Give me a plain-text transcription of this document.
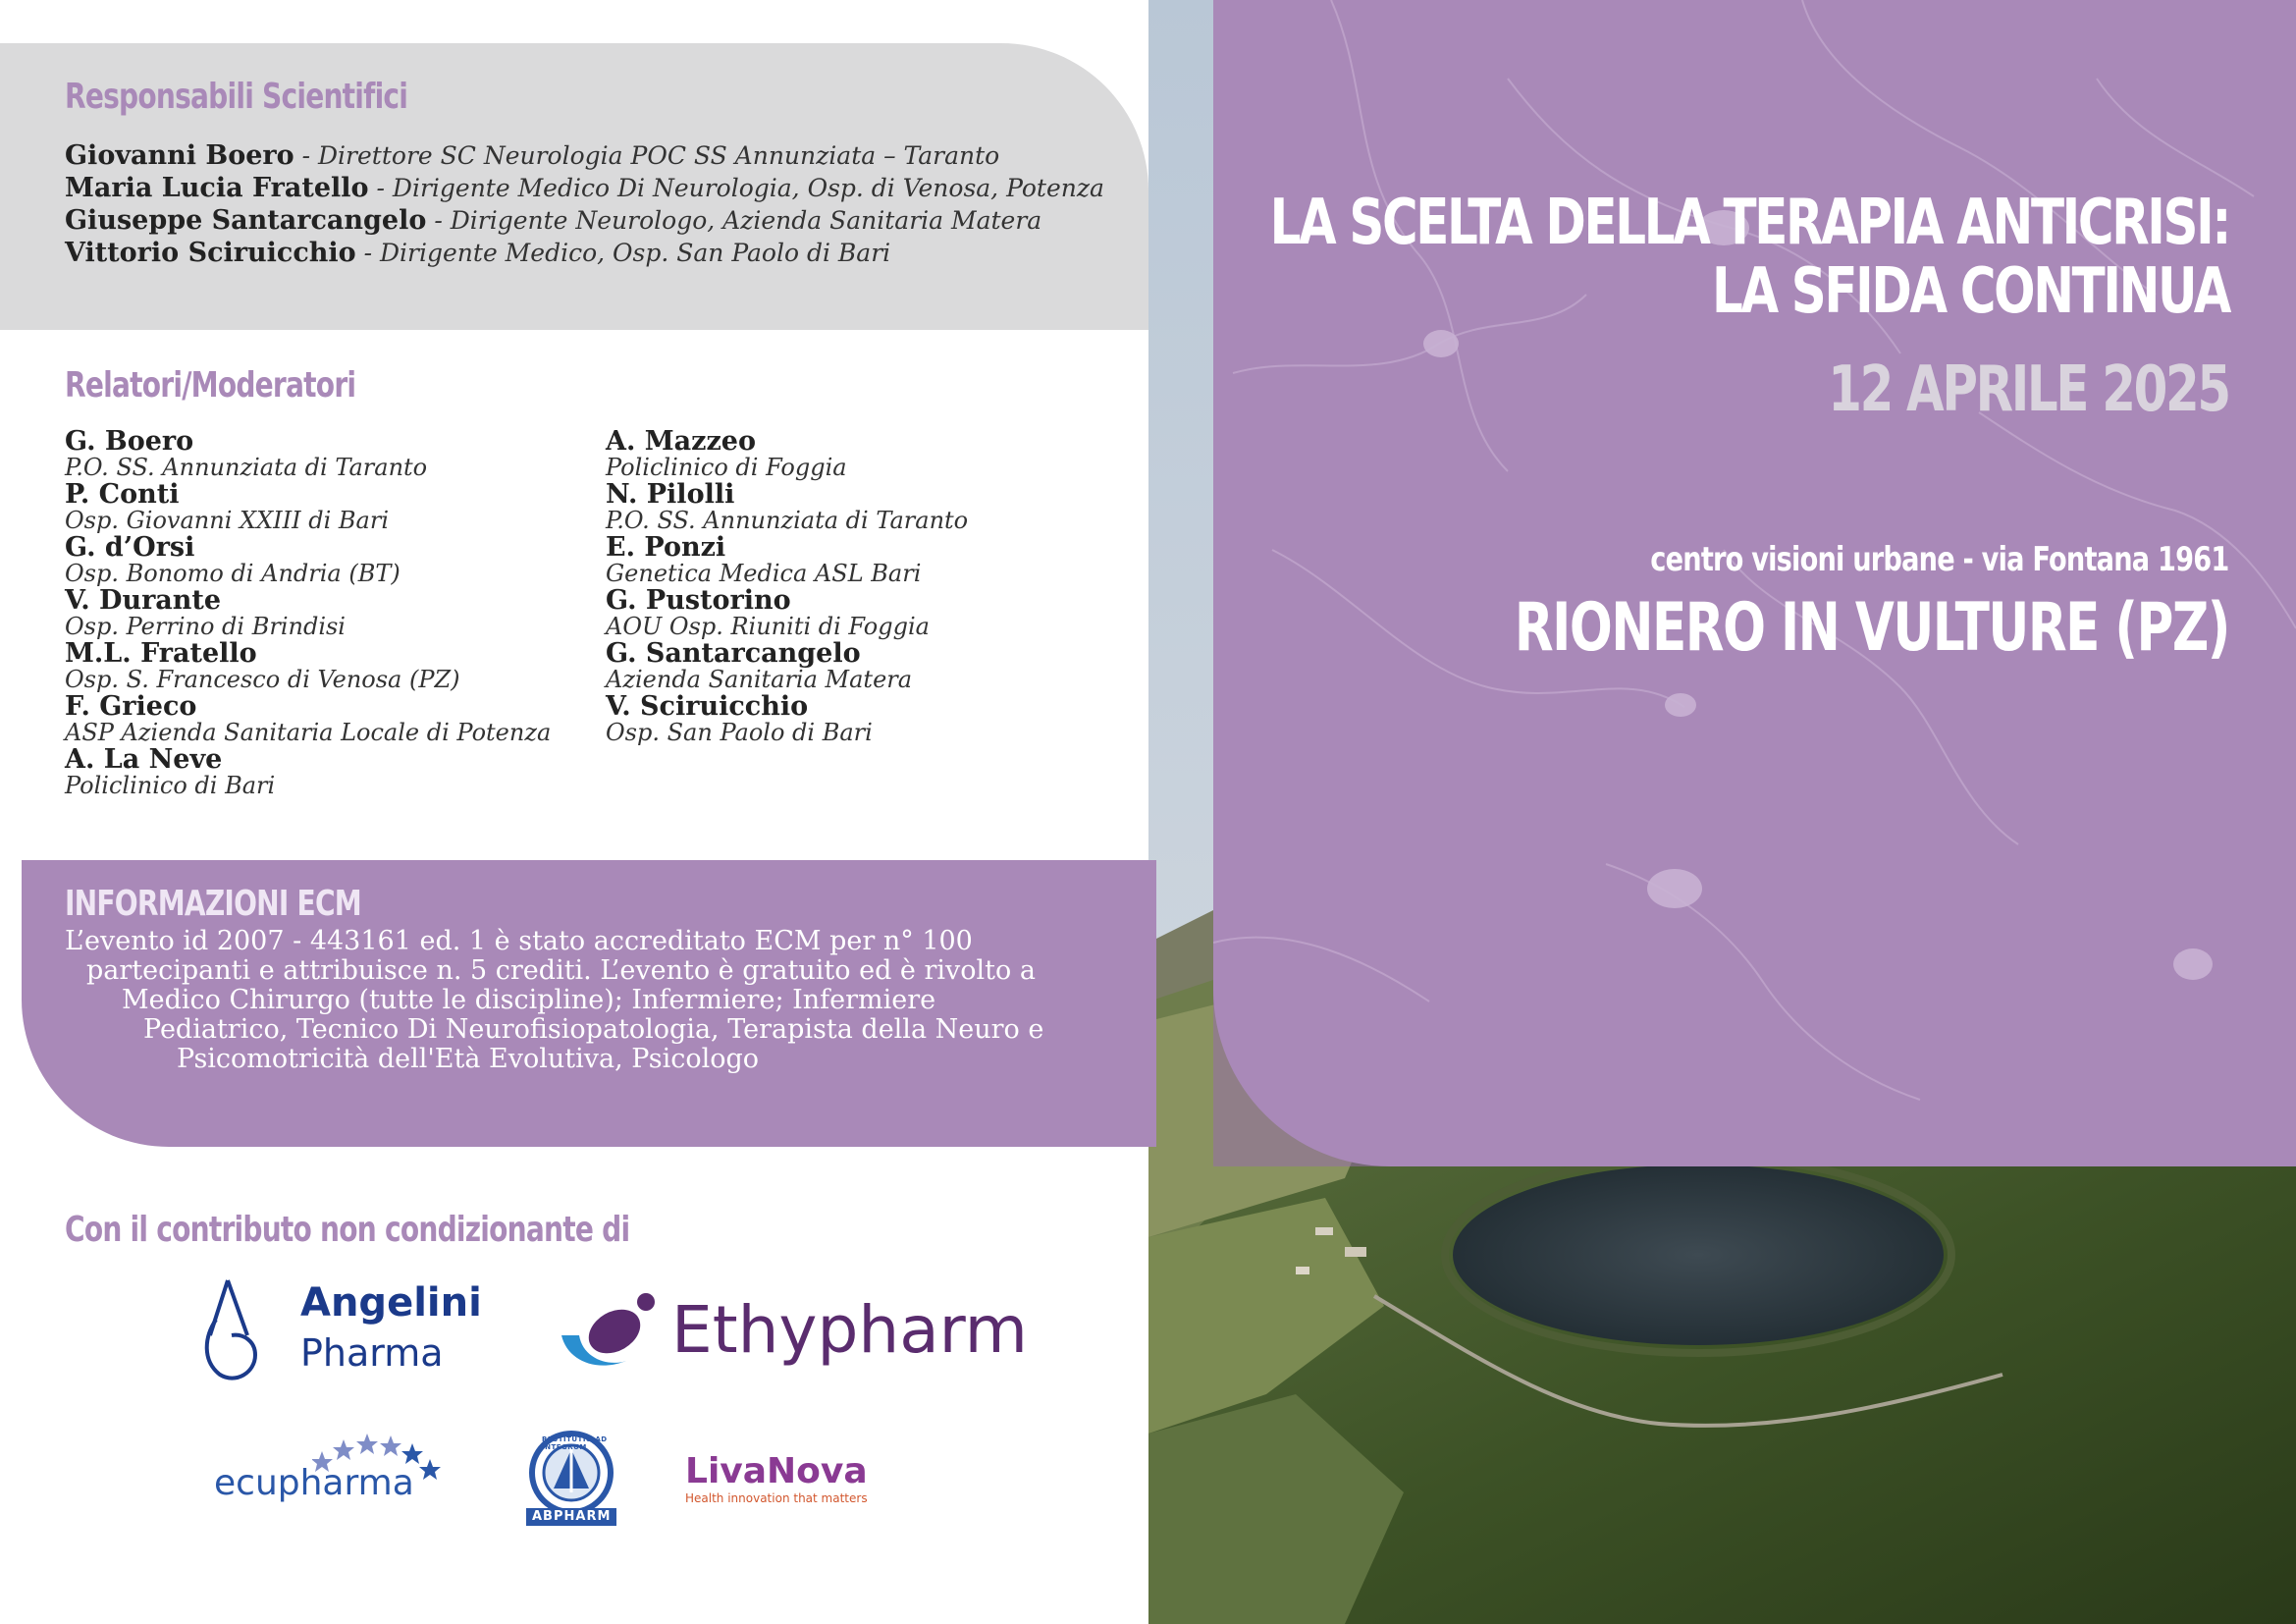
LA SCELTA DELLA TERAPIA ANTICRISI:
LA SFIDA CONTINUA
12 APRILE 2025
centro visioni urbane - via Fontana 1961
RIONERO IN VULTURE (PZ)
Responsabili Scientifici
Giovanni Boero - Direttore SC Neurologia POC SS Annunziata – Taranto
Maria Lucia Fratello - Dirigente Medico Di Neurologia, Osp. di Venosa, Potenza
Giuseppe Santarcangelo - Dirigente Neurologo, Azienda Sanitaria Matera
Vittorio Sciruicchio - Dirigente Medico, Osp. San Paolo di Bari
Relatori/Moderatori
G. Boero
P.O. SS. Annunziata di Taranto
P. Conti
Osp. Giovanni XXIII di Bari
G. d’Orsi
Osp. Bonomo di Andria (BT)
V. Durante
Osp. Perrino di Brindisi
M.L. Fratello
Osp. S. Francesco di Venosa (PZ)
F. Grieco
ASP Azienda Sanitaria Locale di Potenza
A. La Neve
Policlinico di Bari
A. Mazzeo
Policlinico di Foggia
N. Pilolli
P.O. SS. Annunziata di Taranto
E. Ponzi
Genetica Medica ASL Bari
G. Pustorino
AOU Osp. Riuniti di Foggia
G. Santarcangelo
Azienda Sanitaria Matera
V. Sciruicchio
Osp. San Paolo di Bari
INFORMAZIONI ECM
L’evento id 2007 - 443161 ed. 1 è stato accreditato ECM per n° 100
partecipanti e attribuisce n. 5 crediti. L’evento è gratuito ed è rivolto a
Medico Chirurgo (tutte le discipline); Infermiere; Infermiere
Pediatrico, Tecnico Di Neurofisiopatologia, Terapista della Neuro e
Psicomotricità dell'Età Evolutiva, Psicologo
Con il contributo non condizionante di
Angelini
Pharma	Ethypharm
ecupharma
ABPHARM
RESTITUTIO AD INTEGRUM
LivaNova
Health innovation that matters
